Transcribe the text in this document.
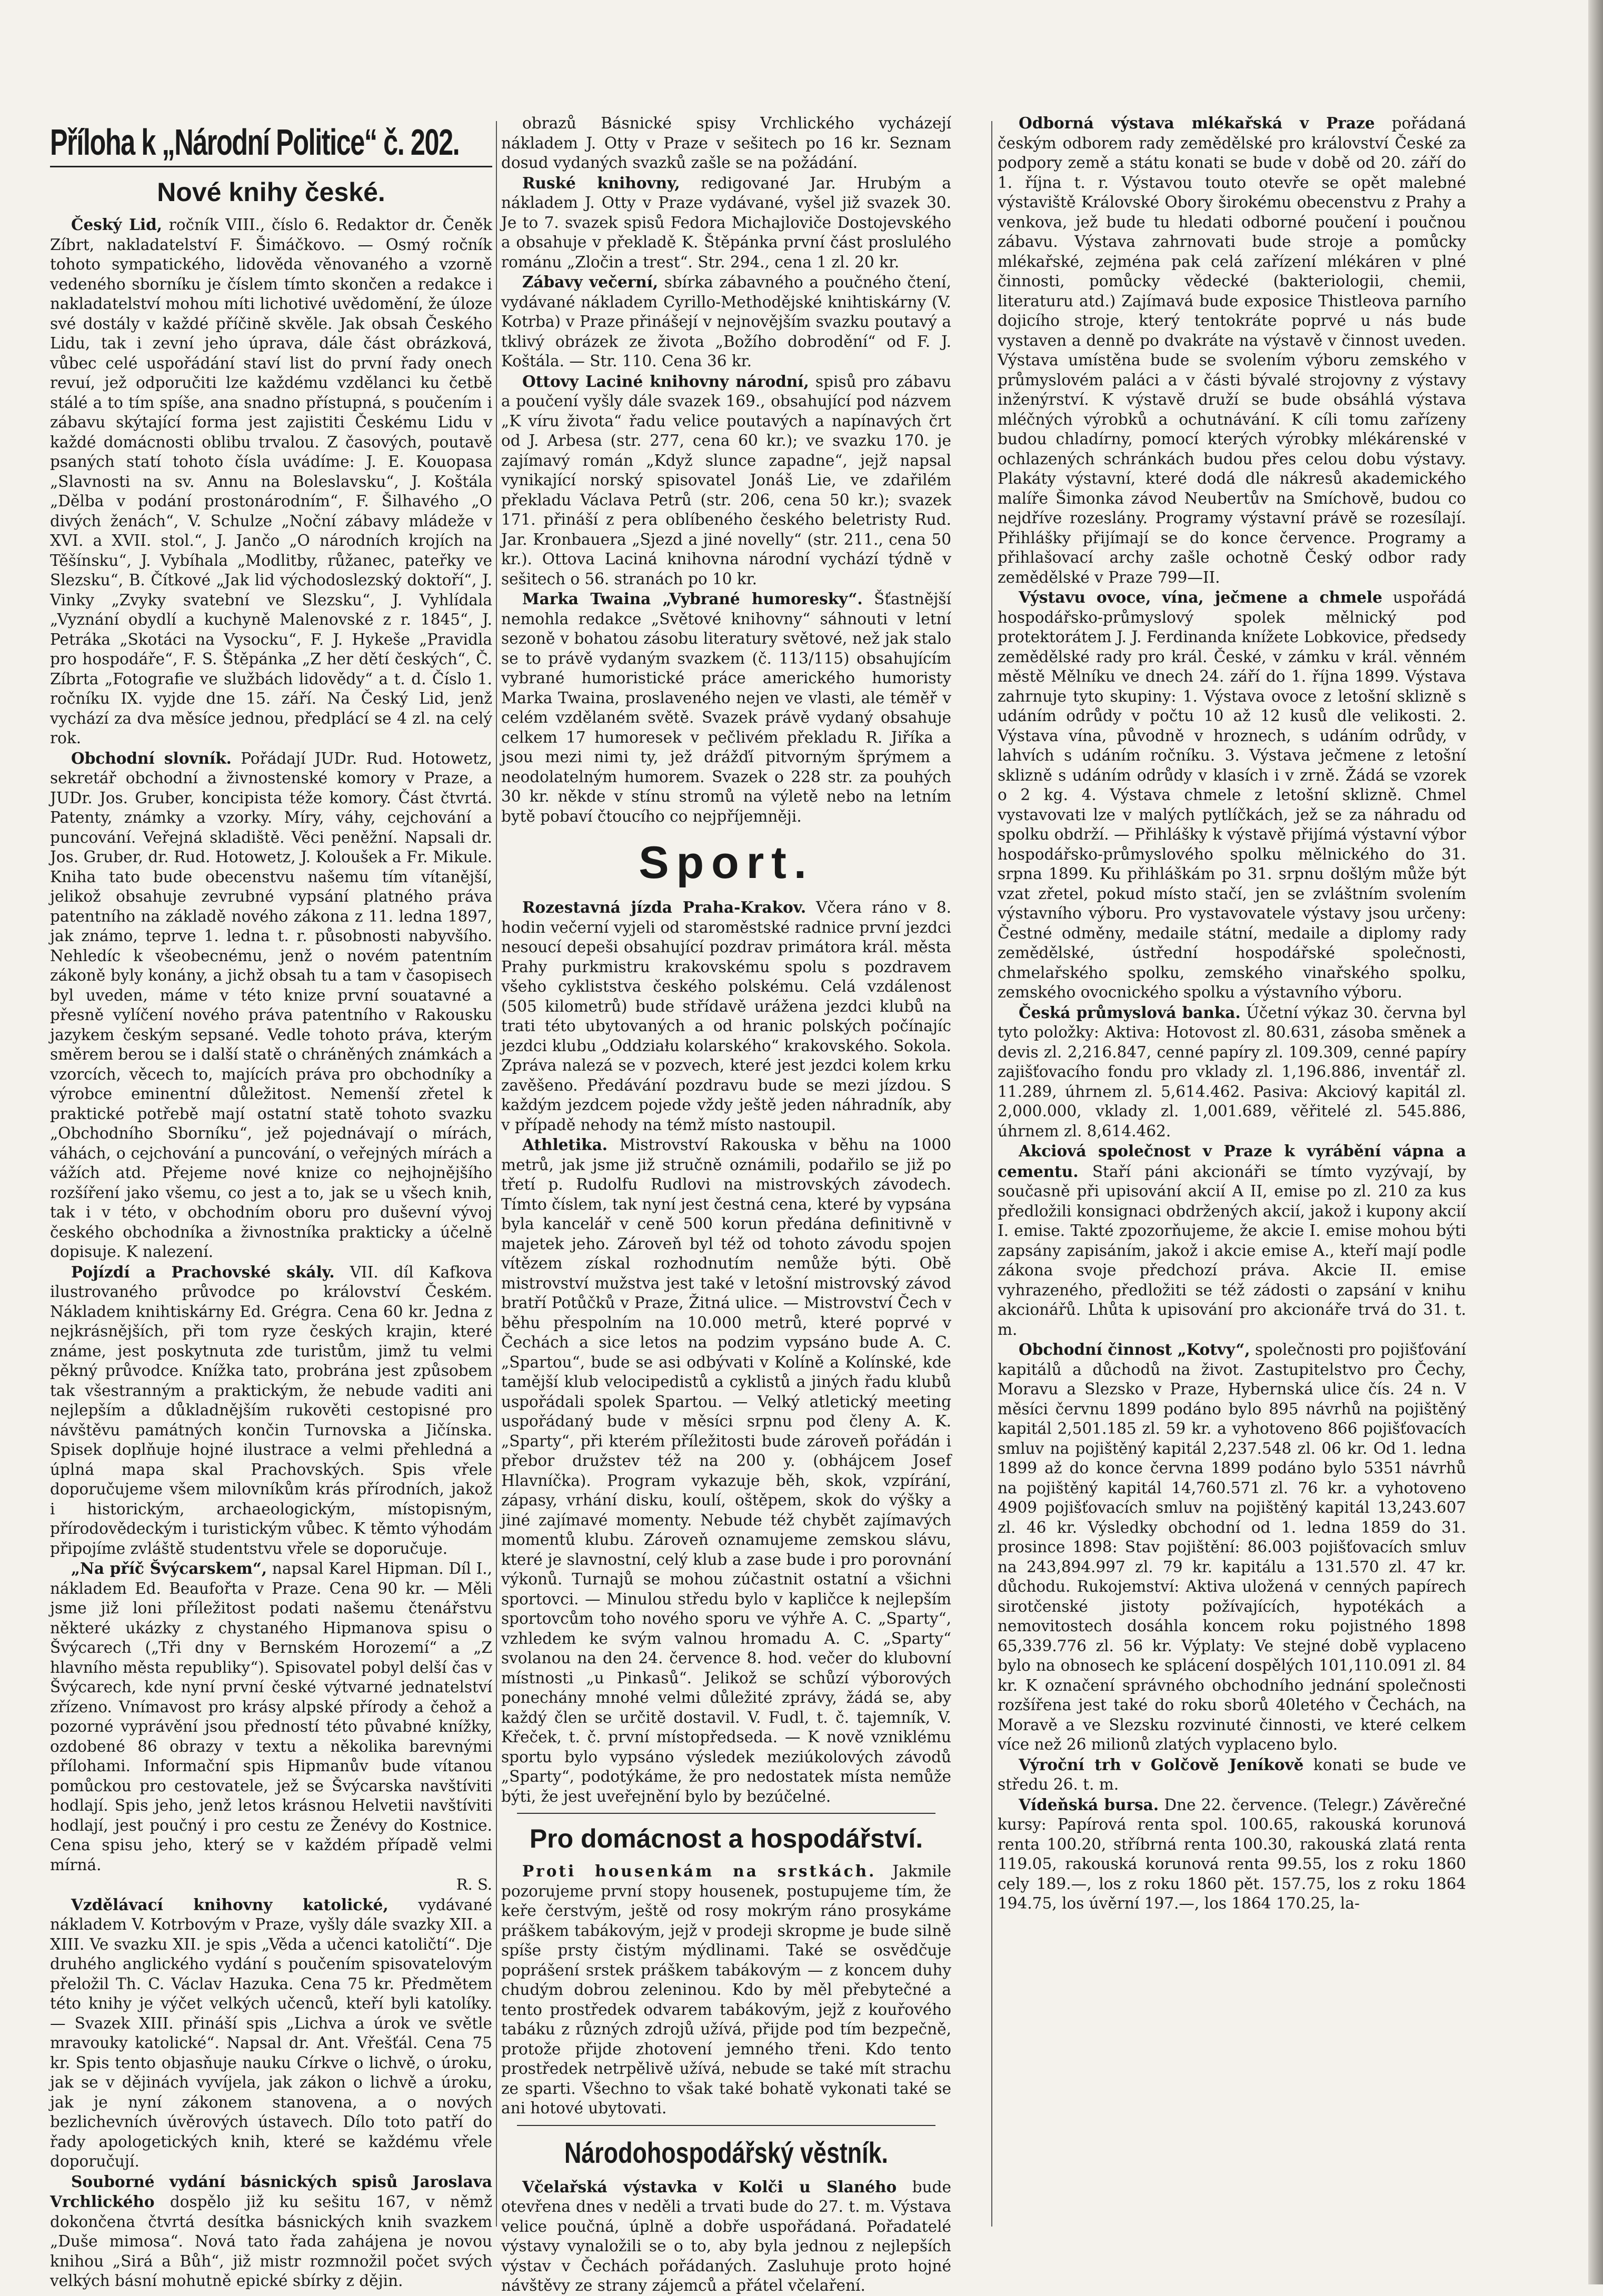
Příloha k „Národní Politice“ č. 202.
Nové knihy české.

Český Lid, ročník VIII., číslo 6. Redaktor dr. Čeněk Zíbrt, nakladatelství F. Šimáčkovo. — Osmý ročník tohoto sympatického, lidověda věnovaného a vzorně vedeného sborníku je číslem tímto skončen a redakce i nakladatelství mohou míti lichotivé uvědomění, že úloze své dostály v každé příčině skvěle. Jak obsah Českého Lidu, tak i zevní jeho úprava, dále část obrázková, vůbec celé uspořádání staví list do první řady onech revuí, jež odporučiti lze každému vzdělanci ku četbě stálé a to tím spíše, ana snadno přístupná, s poučením i zábavu skýtající forma jest zajistiti Českému Lidu v každé domácnosti oblibu trvalou. Z časových, poutavě psaných statí tohoto čísla uvádíme: J. E. Kouopasa „Slavnosti na sv. Annu na Boleslavsku“, J. Koštála „Dělba v podání prostonárodním“, F. Šilhavého „O divých ženách“, V. Schulze „Noční zábavy mládeže v XVI. a XVII. stol.“, J. Jančo „O národních krojích na Těšínsku“, J. Vybíhala „Modlitby, růžanec, pateřky ve Slezsku“, B. Čítkové „Jak lid východoslezský doktoří“, J. Vinky „Zvyky svatební ve Slezsku“, J. Vyhlídala „Vyznání obydlí a kuchyně Malenovské z r. 1845“, J. Petráka „Skotáci na Vysocku“, F. J. Hykeše „Pravidla pro hospodáře“, F. S. Štěpánka „Z her dětí českých“, Č. Zíbrta „Fotografie ve službách lidovědy“ a t. d. Číslo 1. ročníku IX. vyjde dne 15. září. Na Český Lid, jenž vychází za dva měsíce jednou, předplácí se 4 zl. na celý rok.

Obchodní slovník. Pořádají JUDr. Rud. Hotowetz, sekretář obchodní a živnostenské komory v Praze, a JUDr. Jos. Gruber, koncipista téže komory. Část čtvrtá. Patenty, známky a vzorky. Míry, váhy, cejchování a puncování. Veřejná skladiště. Věci peněžní. Napsali dr. Jos. Gruber, dr. Rud. Hotowetz, J. Koloušek a Fr. Mikule. Kniha tato bude obecenstvu našemu tím vítanější, jelikož obsahuje zevrubné vypsání platného práva patentního na základě nového zákona z 11. ledna 1897, jak známo, teprve 1. ledna t. r. působnosti nabyvšího. Nehledíc k všeobecnému, jenž o novém patentním zákoně byly konány, a jichž obsah tu a tam v časopisech byl uveden, máme v této knize první souatavné a přesně vylíčení nového práva patentního v Rakousku jazykem českým sepsané. Vedle tohoto práva, kterým směrem berou se i další statě o chráněných známkách a vzorcích, věcech to, majících práva pro obchodníky a výrobce eminentní důležitost. Nemenší zřetel k praktické potřebě mají ostatní statě tohoto svazku „Obchodního Sborníku“, jež pojednávají o mírách, váhách, o cejchování a puncování, o veřejných mírách a vážích atd. Přejeme nové knize co nejhojnějšího rozšíření jako všemu, co jest a to, jak se u všech knih, tak i v této, v obchodním oboru pro duševní vývoj českého obchodníka a živnostníka prakticky a účelně dopisuje. K nalezení.

Pojízdí a Prachovské skály. VII. díl Kafkova ilustrovaného průvodce po království Českém. Nákladem knihtiskárny Ed. Grégra. Cena 60 kr. Jedna z nejkrásnějších, při tom ryze českých krajin, které známe, jest poskytnuta zde turistům, jimž tu velmi pěkný průvodce. Knížka tato, probrána jest způsobem tak všestranným a praktickým, že nebude vaditi ani nejlepším a důkladnějším rukověti cestopisné pro návštěvu památných končin Turnovska a Jičínska. Spisek doplňuje hojné ilustrace a velmi přehledná a úplná mapa skal Prachovských. Spis vřele doporučujeme všem milovníkům krás přírodních, jakož i historickým, archaeologickým, místopisným, přírodovědeckým i turistickým vůbec. K těmto výhodám připojíme zvláště studentstvu vřele se doporučuje.

„Na příč Švýcarskem“, napsal Karel Hipman. Díl I., nákladem Ed. Beaufořta v Praze. Cena 90 kr. — Měli jsme již loni příležitost podati našemu čtenářstvu některé ukázky z chystaného Hipmanova spisu o Švýcarech („Tři dny v Bernském Horozemí“ a „Z hlavního města republiky“). Spisovatel pobyl delší čas v Švýcarech, kde nyní první české výtvarné jednatelství zřízeno. Vnímavost pro krásy alpské přírody a čehož a pozorné vyprávění jsou předností této půvabné knížky, ozdobené 86 obrazy v textu a několika barevnými přílohami. Informační spis Hipmanův bude vítanou pomůckou pro cestovatele, jež se Švýcarska navštíviti hodlají. Spis jeho, jenž letos krásnou Helvetii navštíviti hodlají, jest poučný i pro cestu ze Ženévy do Kostnice. Cena spisu jeho, který se v každém případě velmi mírná.

R. S.

Vzdělávací knihovny katolické, vydávané nákladem V. Kotrbovým v Praze, vyšly dále svazky XII. a XIII. Ve svazku XII. je spis „Věda a učenci katoličtí“. Dje druhého anglického vydání s poučením spisovatelovým přeložil Th. C. Václav Hazuka. Cena 75 kr. Předmětem této knihy je výčet velkých učenců, kteří byli katolíky. — Svazek XIII. přináší spis „Lichva a úrok ve světle mravouky katolické“. Napsal dr. Ant. Vřešťál. Cena 75 kr. Spis tento objasňuje nauku Církve o lichvě, o úroku, jak se v dějinách vyvíjela, jak zákon o lichvě a úroku, jak je nyní zákonem stanovena, a o nových bezlichevních úvěrových ústavech. Dílo toto patří do řady apologetických knih, které se každému vřele doporučují.

Souborné vydání básnických spisů Jaroslava Vrchlického dospělo již ku sešitu 167, v němž dokončena čtvrtá desítka básnických knih svazkem „Duše mimosa“. Nová tato řada zahájena je novou knihou „Sirá a Bůh“, již mistr rozmnožil počet svých velkých básní mohutně epické sbírky z dějin.

obrazů Básnické spisy Vrchlického vycházejí nákladem J. Otty v Praze v sešitech po 16 kr. Seznam dosud vydaných svazků zašle se na požádání.

Ruské knihovny, redigované Jar. Hrubým a nákladem J. Otty v Praze vydávané, vyšel již svazek 30. Je to 7. svazek spisů Fedora Michajloviče Dostojevského a obsahuje v překladě K. Štěpánka první část proslulého románu „Zločin a trest“. Str. 294., cena 1 zl. 20 kr.

Zábavy večerní, sbírka zábavného a poučného čtení, vydávané nákladem Cyrillo-Methodějské knihtiskárny (V. Kotrba) v Praze přinášejí v nejnovějším svazku poutavý a tklivý obrázek ze života „Božího dobrodění“ od F. J. Koštála. — Str. 110. Cena 36 kr.

Ottovy Laciné knihovny národní, spisů pro zábavu a poučení vyšly dále svazek 169., obsahující pod názvem „K víru života“ řadu velice poutavých a napínavých črt od J. Arbesa (str. 277, cena 60 kr.); ve svazku 170. je zajímavý román „Když slunce zapadne“, jejž napsal vynikající norský spisovatel Jonáš Lie, ve zdařilém překladu Václava Petrů (str. 206, cena 50 kr.); svazek 171. přináší z pera oblíbeného českého beletristy Rud. Jar. Kronbauera „Sjezd a jiné novelly“ (str. 211., cena 50 kr.). Ottova Laciná knihovna národní vychází týdně v sešitech o 56. stranách po 10 kr.

Marka Twaina „Vybrané humoresky“. Šťastnější nemohla redakce „Světové knihovny“ sáhnouti v letní sezoně v bohatou zásobu literatury světové, než jak stalo se to právě vydaným svazkem (č. 113/115) obsahujícím vybrané humoristické práce amerického humoristy Marka Twaina, proslaveného nejen ve vlasti, ale téměř v celém vzdělaném světě. Svazek právě vydaný obsahuje celkem 17 humoresek v pečlivém překladu R. Jiříka a jsou mezi nimi ty, jež drážďí pitvorným šprýmem a neodolatelným humorem. Svazek o 228 str. za pouhých 30 kr. někde v stínu stromů na výletě nebo na letním bytě pobaví čtoucího co nejpříjemněji.

Sport.

Rozestavná jízda Praha-Krakov. Včera ráno v 8. hodin večerní vyjeli od staroměstské radnice první jezdci nesoucí depeši obsahující pozdrav primátora král. města Prahy purkmistru krakovskému spolu s pozdravem všeho cykliststva českého polskému. Celá vzdálenost (505 kilometrů) bude střídavě urážena jezdci klubů na trati této ubytovaných a od hranic polských počínajíc jezdci klubu „Oddziału kolarského“ krakovského. Sokola. Zpráva nalezá se v pozvech, které jest jezdci kolem krku zavěšeno. Předávání pozdravu bude se mezi jízdou. S každým jezdcem pojede vždy ještě jeden náhradník, aby v případě nehody na témž místo nastoupil.

Athletika. Mistrovství Rakouska v běhu na 1000 metrů, jak jsme již stručně oznámili, podařilo se již po třetí p. Rudolfu Rudlovi na mistrovských závodech. Tímto číslem, tak nyní jest čestná cena, které by vypsána byla kancelář v ceně 500 korun předána definitivně v majetek jeho. Zároveň byl též od tohoto závodu spojen vítězem získal rozhodnutím nemůže býti. Obě mistrovství mužstva jest také v letošní mistrovský závod bratří Potůčků v Praze, Žitná ulice. — Mistrovství Čech v běhu přespolním na 10.000 metrů, které poprvé v Čechách a sice letos na podzim vypsáno bude A. C. „Spartou“, bude se asi odbývati v Kolíně a Kolínské, kde tamější klub velocipedistů a cyklistů a jiných řadu klubů uspořádali spolek Spartou. — Velký atletický meeting uspořádaný bude v měsíci srpnu pod členy A. K. „Sparty“, při kterém příležitosti bude zároveň pořádán i přebor družstev též na 200 y. (obhájcem Josef Hlavníčka). Program vykazuje běh, skok, vzpírání, zápasy, vrhání disku, koulí, oštěpem, skok do výšky a jiné zajímavé momenty. Nebude též chybět zajímavých momentů klubu. Zároveň oznamujeme zemskou slávu, které je slavnostní, celý klub a zase bude i pro porovnání výkonů. Turnajů se mohou zúčastnit ostatní a všichni sportovci. — Minulou středu bylo v kapličce k nejlepším sportovcům toho nového sporu ve výhře A. C. „Sparty“, vzhledem ke svým valnou hromadu A. C. „Sparty“ svolanou na den 24. července 8. hod. večer do klubovní místnosti „u Pinkasů“. Jelikož se schůzí výborových ponechány mnohé velmi důležité zprávy, žádá se, aby každý člen se určitě dostavil. V. Fudl, t. č. tajemník, V. Křeček, t. č. první místopředseda. — K nově vzniklému sportu bylo vypsáno výsledek meziúkolových závodů „Sparty“, podotýkáme, že pro nedostatek místa nemůže býti, že jest uveřejnění bylo by bezúčelné.

Pro domácnost a hospodářství.

Proti housenkám na srstkách. Jakmile pozorujeme první stopy housenek, postupujeme tím, že keře čerstvým, ještě od rosy mokrým ráno prosykáme práškem tabákovým, jejž v prodeji skropme je bude silně spíše prsty čistým mýdlinami. Také se osvědčuje poprášení srstek práškem tabákovým — z koncem duhy chudým dobrou zeleninou. Kdo by měl přebytečné a tento prostředek odvarem tabákovým, jejž z kouřového tabáku z různých zdrojů užívá, přijde pod tím bezpečně, protože přijde zhotovení jemného třeni. Kdo tento prostředek netrpělivě užívá, nebude se také mít strachu ze sparti. Všechno to však také bohatě vykonati také se ani hotové ubytovati.

Národohospodářský věstník.

Včelařská výstavka v Kolči u Slaného bude otevřena dnes v neděli a trvati bude do 27. t. m. Výstava velice poučná, úplně a dobře uspořádaná. Pořadatelé výstavy vynaložili se o to, aby byla jednou z nejlepších výstav v Čechách pořádaných. Zasluhuje proto hojné návštěvy ze strany zájemců a přátel včelaření.

Odborná výstava mlékařská v Praze pořádaná českým odborem rady zemědělské pro království České za podpory země a státu konati se bude v době od 20. září do 1. října t. r. Výstavou touto otevře se opět malebné výstaviště Královské Obory širokému obecenstvu z Prahy a venkova, jež bude tu hledati odborné poučení i poučnou zábavu. Výstava zahrnovati bude stroje a pomůcky mlékařské, zejména pak celá zařízení mlékáren v plné činnosti, pomůcky vědecké (bakteriologii, chemii, literaturu atd.) Zajímavá bude exposice Thistleova parního dojicího stroje, který tentokráte poprvé u nás bude vystaven a denně po dvakráte na výstavě v činnost uveden. Výstava umístěna bude se svolením výboru zemského v průmyslovém paláci a v části bývalé strojovny z výstavy inženýrství. K výstavě druží se bude obsáhlá výstava mléčných výrobků a ochutnávání. K cíli tomu zařízeny budou chladírny, pomocí kterých výrobky mlékárenské v ochlazených schránkách budou přes celou dobu výstavy. Plakáty výstavní, které dodá dle nákresů akademického malíře Šimonka závod Neubertův na Smíchově, budou co nejdříve rozeslány. Programy výstavní právě se rozesílají. Přihlášky přijímají se do konce července. Programy a přihlašovací archy zašle ochotně Český odbor rady zemědělské v Praze 799—II.

Výstavu ovoce, vína, ječmene a chmele uspořádá hospodářsko-průmyslový spolek mělnický pod protektorátem J. J. Ferdinanda knížete Lobkovice, předsedy zemědělské rady pro král. České, v zámku v král. věnném městě Mělníku ve dnech 24. září do 1. října 1899. Výstava zahrnuje tyto skupiny: 1. Výstava ovoce z letošní sklizně s udáním odrůdy v počtu 10 až 12 kusů dle velikosti. 2. Výstava vína, původně v hroznech, s udáním odrůdy, v lahvích s udáním ročníku. 3. Výstava ječmene z letošní sklizně s udáním odrůdy v klasích i v zrně. Žádá se vzorek o 2 kg. 4. Výstava chmele z letošní sklizně. Chmel vystavovati lze v malých pytlíčkách, jež se za náhradu od spolku obdrží. — Přihlášky k výstavě přijímá výstavní výbor hospodářsko-průmyslového spolku mělnického do 31. srpna 1899. Ku přihláškám po 31. srpnu došlým může být vzat zřetel, pokud místo stačí, jen se zvláštním svolením výstavního výboru. Pro vystavovatele výstavy jsou určeny: Čestné odměny, medaile státní, medaile a diplomy rady zemědělské, ústřední hospodářské společnosti, chmelařského spolku, zemského vinařského spolku, zemského ovocnického spolku a výstavního výboru.

Česká průmyslová banka. Účetní výkaz 30. června byl tyto položky: Aktiva: Hotovost zl. 80.631, zásoba směnek a devis zl. 2,216.847, cenné papíry zl. 109.309, cenné papíry zajišťovacího fondu pro vklady zl. 1,196.886, inventář zl. 11.289, úhrnem zl. 5,614.462. Pasiva: Akciový kapitál zl. 2,000.000, vklady zl. 1,001.689, věřitelé zl. 545.886, úhrnem zl. 8,614.462.

Akciová společnost v Praze k vyrábění vápna a cementu. Staří páni akcionáři se tímto vyzývají, by současně při upisování akcií A II, emise po zl. 210 za kus předložili konsignaci obdržených akcií, jakož i kupony akcií I. emise. Takté zpozorňujeme, že akcie I. emise mohou býti zapsány zapisáním, jakož i akcie emise A., kteří mají podle zákona svoje předchozí práva. Akcie II. emise vyhrazeného, předložiti se též zádosti o zapsání v knihu akcionářů. Lhůta k upisování pro akcionáře trvá do 31. t. m.

Obchodní činnost „Kotvy“, společnosti pro pojišťování kapitálů a důchodů na život. Zastupitelstvo pro Čechy, Moravu a Slezsko v Praze, Hybernská ulice čís. 24 n. V měsíci červnu 1899 podáno bylo 895 návrhů na pojištěný kapitál 2,501.185 zl. 59 kr. a vyhotoveno 866 pojišťovacích smluv na pojištěný kapitál 2,237.548 zl. 06 kr. Od 1. ledna 1899 až do konce června 1899 podáno bylo 5351 návrhů na pojištěný kapitál 14,760.571 zl. 76 kr. a vyhotoveno 4909 pojišťovacích smluv na pojištěný kapitál 13,243.607 zl. 46 kr. Výsledky obchodní od 1. ledna 1859 do 31. prosince 1898: Stav pojištění: 86.003 pojišťovacích smluv na 243,894.997 zl. 79 kr. kapitálu a 131.570 zl. 47 kr. důchodu. Rukojemství: Aktiva uložená v cenných papírech sirotčenské jistoty požívajících, hypotékách a nemovitostech dosáhla koncem roku pojistného 1898 65,339.776 zl. 56 kr. Výplaty: Ve stejné době vyplaceno bylo na obnosech ke splácení dospělých 101,110.091 zl. 84 kr. K označení správného obchodního jednání společnosti rozšířena jest také do roku sborů 40letého v Čechách, na Moravě a ve Slezsku rozvinuté činnosti, ve které celkem více než 26 milionů zlatých vyplaceno bylo.

Výroční trh v Golčově Jeníkově konati se bude ve středu 26. t. m.

Vídeňská bursa. Dne 22. července. (Telegr.) Závěrečné kursy: Papírová renta spol. 100.65, rakouská korunová renta 100.20, stříbrná renta 100.30, rakouská zlatá renta 119.05, rakouská korunová renta 99.55, los z roku 1860 cely 189.—, los z roku 1860 pět. 157.75, los z roku 1864 194.75, los úvěrní 197.—, los 1864 170.25, la-
